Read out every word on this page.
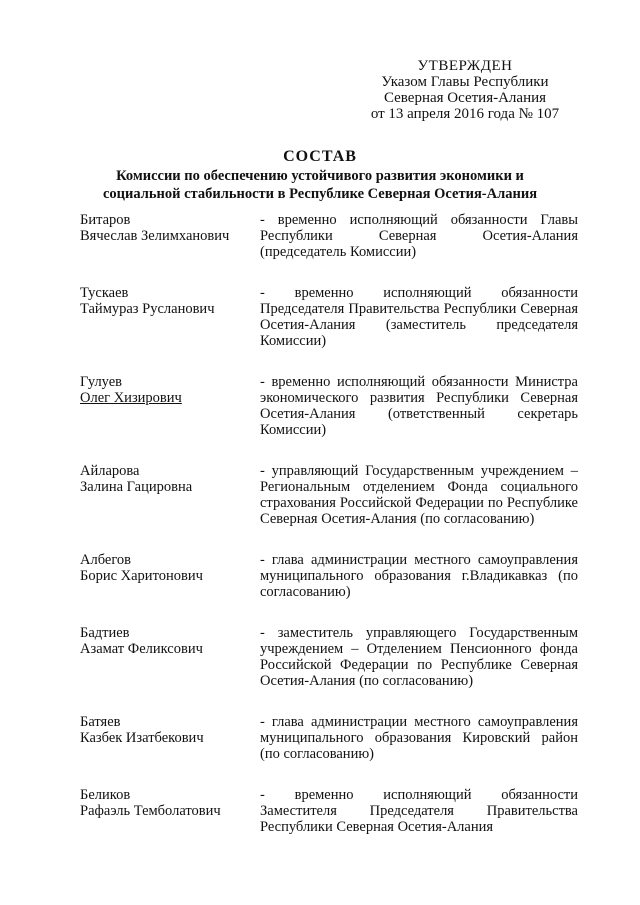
УТВЕРЖДЕН
Указом Главы Республики
Северная Осетия-Алания
от 13 апреля 2016 года № 107
СОСТАВ
Комиссии по обеспечению устойчивого развития экономики и
социальной стабильности в Республике Северная Осетия-Алания
Битаров
Вячеслав Зелимханович
- временно исполняющий обязанности Главы Республики Северная Осетия-Алания (председатель Комиссии)
Тускаев
Таймураз Русланович
- временно исполняющий обязанности Председателя Правительства Республики Северная Осетия-Алания (заместитель председателя Комиссии)
Гулуев
Олег Хизирович
- временно исполняющий обязанности Министра экономического развития Республики Северная Осетия-Алания (ответственный секретарь Комиссии)
Айларова
Залина Гацировна
- управляющий Государственным учреждением – Региональным отделением Фонда социального страхования Российской Федерации по Республике Северная Осетия-Алания (по согласованию)
Албегов
Борис Харитонович
- глава администрации местного самоуправления муниципального образования г.Владикавказ (по согласованию)
Бадтиев
Азамат Феликсович
- заместитель управляющего Государственным учреждением – Отделением Пенсионного фонда Российской Федерации по Республике Северная Осетия-Алания (по согласованию)
Батяев
Казбек Изатбекович
- глава администрации местного самоуправления муниципального образования Кировский район (по согласованию)
Беликов
Рафаэль Темболатович
- временно исполняющий обязанности Заместителя Председателя Правительства Республики Северная Осетия-Алания
